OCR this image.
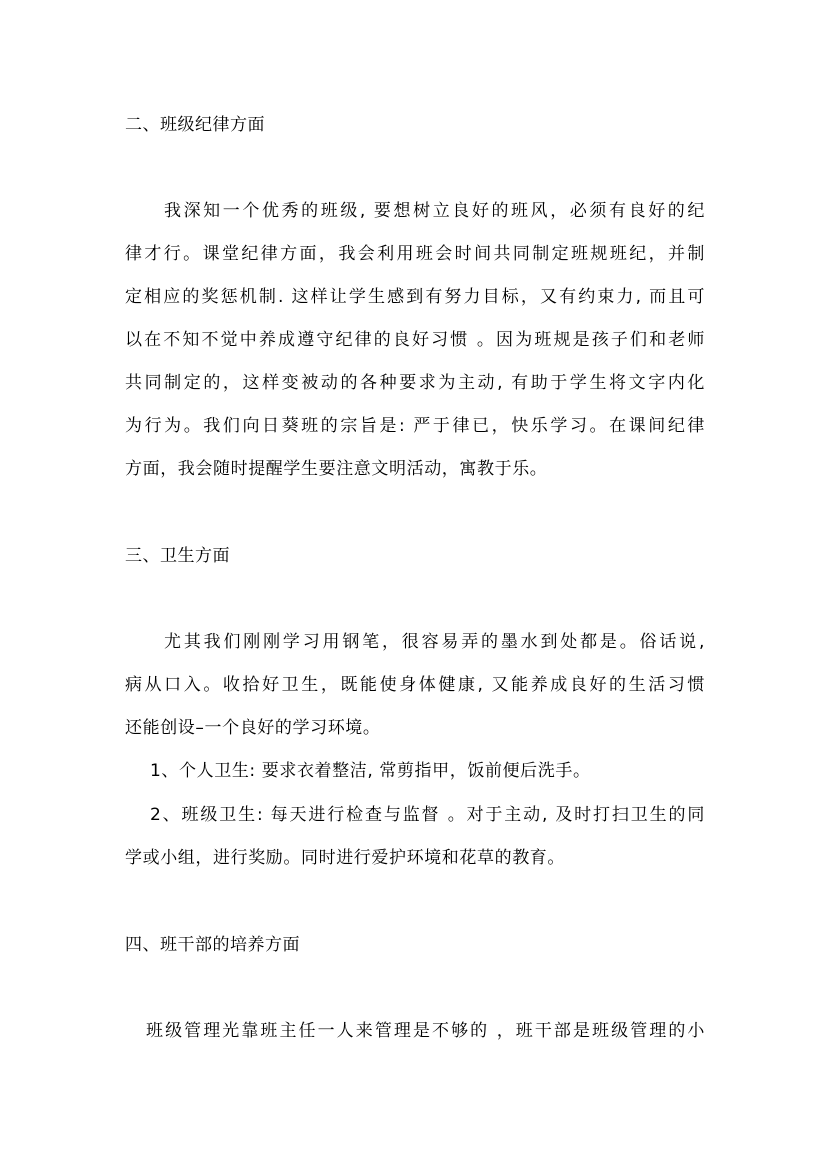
二、班级纪律方面
我深知一个优秀的班级, 要想树立良好的班风，必须有良好的纪
律才行。课堂纪律方面，我会利用班会时间共同制定班规班纪，并制
定相应的奖惩机制. 这样让学生感到有努力目标，又有约束力, 而且可
以在不知不觉中养成遵守纪律的良好习惯 。因为班规是孩子们和老师
共同制定的，这样变被动的各种要求为主动, 有助于学生将文字内化
为行为。我们向日葵班的宗旨是: 严于律已，快乐学习。在课间纪律
方面，我会随时提醒学生要注意文明活动，寓教于乐。
三、卫生方面
尤其我们刚刚学习用钢笔，很容易弄的墨水到处都是。俗话说,
病从口入。收拾好卫生，既能使身体健康, 又能养成良好的生活习惯
还能创设–一个良好的学习环境。
1、个人卫生: 要求衣着整洁, 常剪指甲，饭前便后洗手。
2、班级卫生: 每天进行检查与监督 。对于主动, 及时打扫卫生的同
学或小组，进行奖励。同时进行爱护环境和花草的教育。
四、班干部的培养方面
班级管理光靠班主任一人来管理是不够的 ，班干部是班级管理的小
